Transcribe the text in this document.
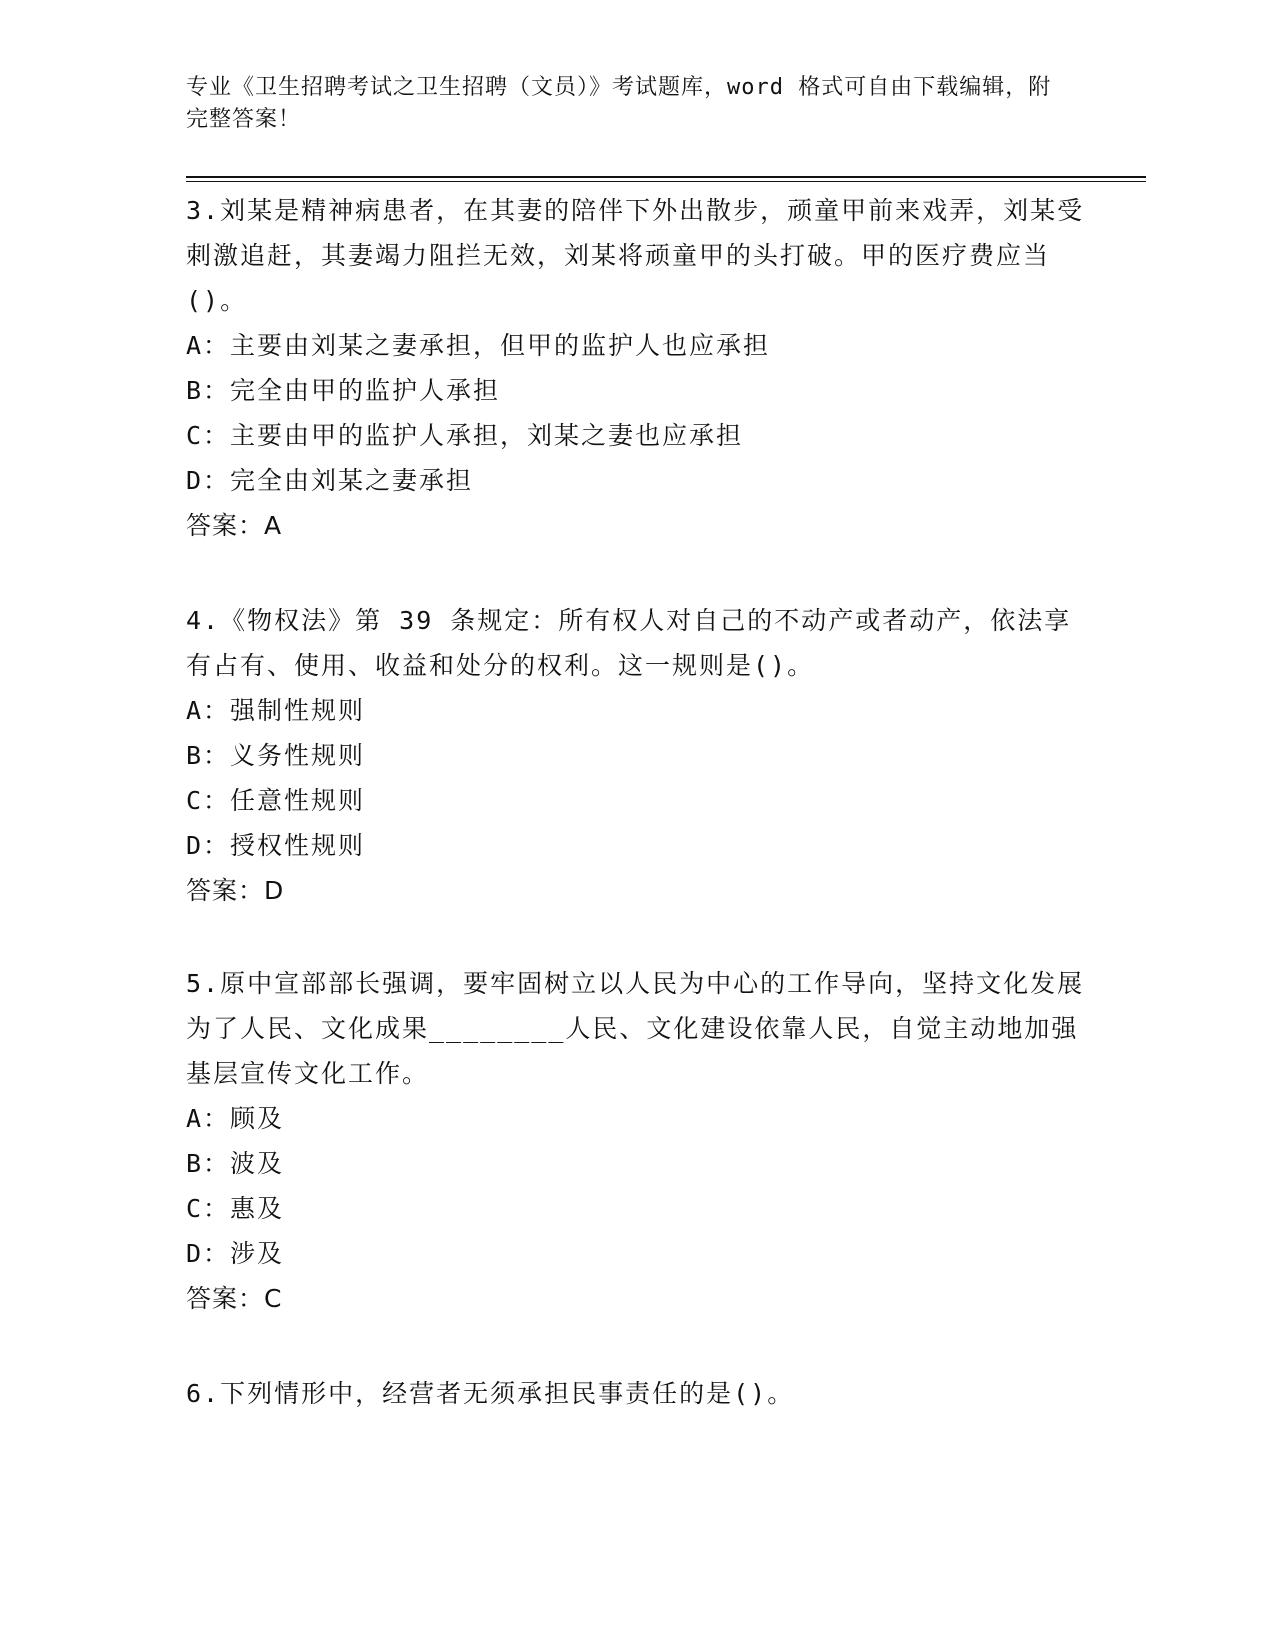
专业《卫生招聘考试之卫生招聘（文员）》考试题库，word 格式可自由下载编辑，附完整答案！
3.刘某是精神病患者，在其妻的陪伴下外出散步，顽童甲前来戏弄，刘某受刺激追赶，其妻竭力阻拦无效，刘某将顽童甲的头打破。甲的医疗费应当()。
A：主要由刘某之妻承担，但甲的监护人也应承担
B：完全由甲的监护人承担
C：主要由甲的监护人承担，刘某之妻也应承担
D：完全由刘某之妻承担
答案：A
4.《物权法》第 39 条规定：所有权人对自己的不动产或者动产，依法享有占有、使用、收益和处分的权利。这一规则是()。
A：强制性规则
B：义务性规则
C：任意性规则
D：授权性规则
答案：D
5.原中宣部部长强调，要牢固树立以人民为中心的工作导向，坚持文化发展为了人民、文化成果________人民、文化建设依靠人民，自觉主动地加强基层宣传文化工作。
A：顾及
B：波及
C：惠及
D：涉及
答案：C
6.下列情形中，经营者无须承担民事责任的是()。
